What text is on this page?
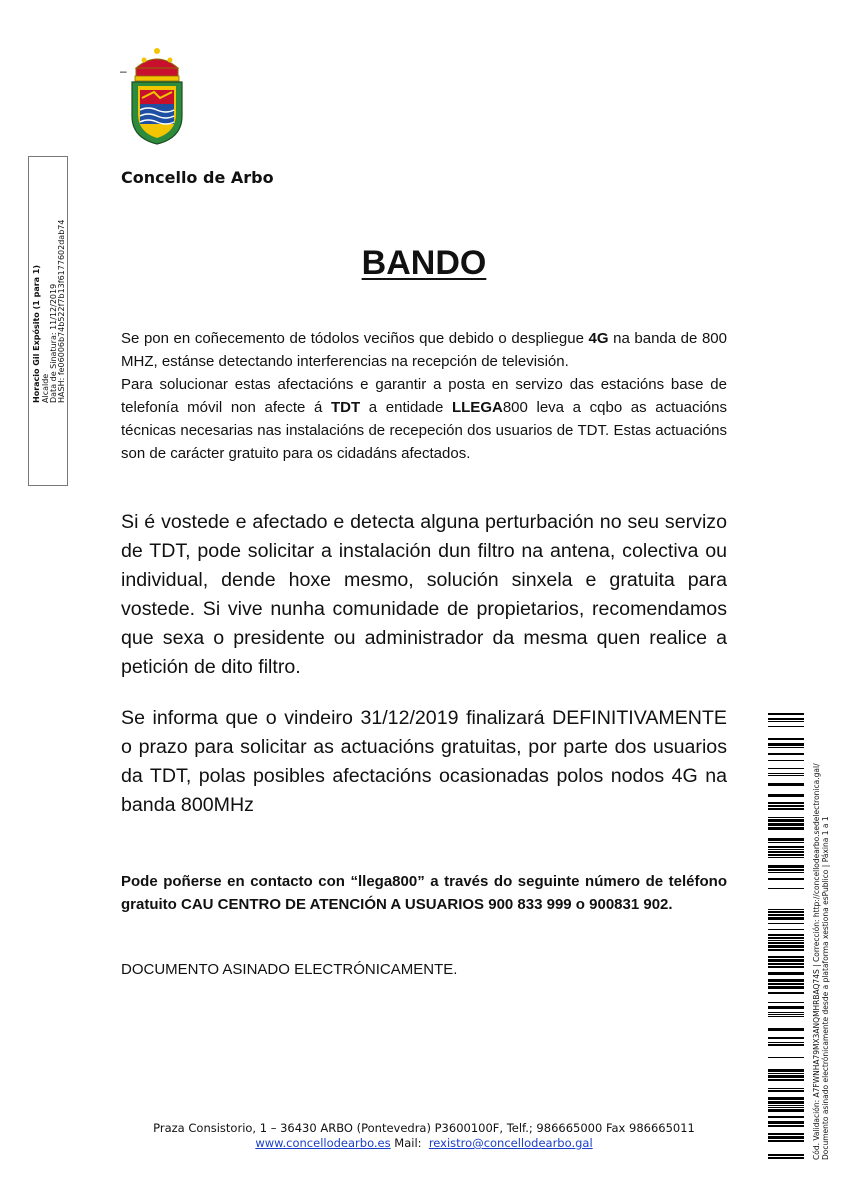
–
Concello de Arbo
BANDO

Se pon en coñecemento de tódolos veciños que debido o despliegue 4G na banda de 800 MHZ, estánse detectando interferencias na recepción de televisión.

Para solucionar estas afectacións e garantir a posta en servizo das estacións base de telefonía móvil non afecte á TDT a entidade LLEGA800 leva a cqbo as actuacións técnicas necesarias nas instalacións de recepeción dos usuarios de TDT. Estas actuacións son de carácter gratuito para os cidadáns afectados.

Si é vostede e afectado e detecta alguna perturbación no seu servizo de TDT, pode solicitar a instalación dun filtro na antena, colectiva ou individual, dende hoxe mesmo, solución sinxela e gratuita para vostede. Si vive nunha comunidade de propietarios, recomendamos que sexa o presidente ou administrador da mesma quen realice a petición de dito filtro.
Se informa que o vindeiro 31/12/2019 finalizará DEFINITIVAMENTE o prazo para solicitar as actuacións gratuitas, por parte dos usuarios da TDT, polas posibles afectacións ocasionadas polos nodos 4G na banda 800MHz
Pode poñerse en contacto con “llega800” a través do seguinte número de teléfono gratuito CAU CENTRO DE ATENCIÓN A USUARIOS 900 833 999 o 900831 902.
DOCUMENTO ASINADO ELECTRÓNICAMENTE.
Praza Consistorio, 1 – 36430 ARBO (Pontevedra) P3600100F, Telf.; 986665000 Fax 986665011
www.concellodearbo.es Mail:  rexistro@concellodearbo.gal
Horacio Gil Expósito (1 para 1) Alcalde Data de Sinatura: 11/12/2019 HASH: fe06006b74b522f7b13f6177602dab74
Cód. Validación: A7FWNHA79MX3ANQMHRBAQ74S | Corrección: http://concellodearbo.sedelectronica.gal/ Documento asinado electrónicamente desde a plataforma xestiona esPublico | Páxina 1 a 1
